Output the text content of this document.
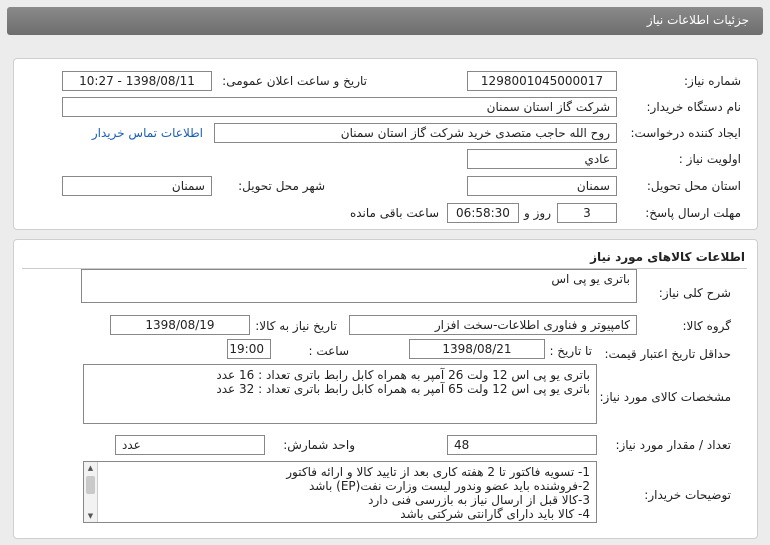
جزئیات اطلاعات نیاز
شماره نیاز:
1298001045000017
تاریخ و ساعت اعلان عمومی:
1398/08/11 - 10:27
نام دستگاه خریدار:
شرکت گاز استان سمنان
ایجاد کننده درخواست:
روح الله حاجب متصدی خرید شرکت گاز استان سمنان
اطلاعات تماس خریدار
اولویت نیاز :
عادي
استان محل تحویل:
سمنان
شهر محل تحویل:
سمنان
مهلت ارسال پاسخ:
3
روز و
06:58:30
ساعت باقی مانده
اطلاعات کالاهای مورد نیاز
شرح کلی نیاز:
باتری یو پی اس
گروه کالا:
کامپیوتر و فناوری اطلاعات-سخت افزار
تاریخ نیاز به کالا:
1398/08/19
حداقل تاریخ اعتبار قیمت:
تا تاریخ :
1398/08/21
ساعت :
19:00
مشخصات کالای مورد نیاز:
باتری یو پی اس 12 ولت 26 آمپر به همراه کابل رابط باتری تعداد : 16 عدد
باتری یو پی اس 12 ولت 65 آمپر به همراه کابل رابط باتری تعداد : 32 عدد
تعداد / مقدار مورد نیاز:
48
واحد شمارش:
عدد
توضیحات خریدار:
▲
▼
1- تسویه فاکتور تا 2 هفته کاری بعد از تایید کالا و ارائه فاکتور
2-فروشنده باید عضو وندور لیست وزارت نفت(EP) باشد
3-کالا قبل از ارسال نیاز به بازرسی فنی دارد
4- کالا باید دارای گارانتی شرکتی باشد
